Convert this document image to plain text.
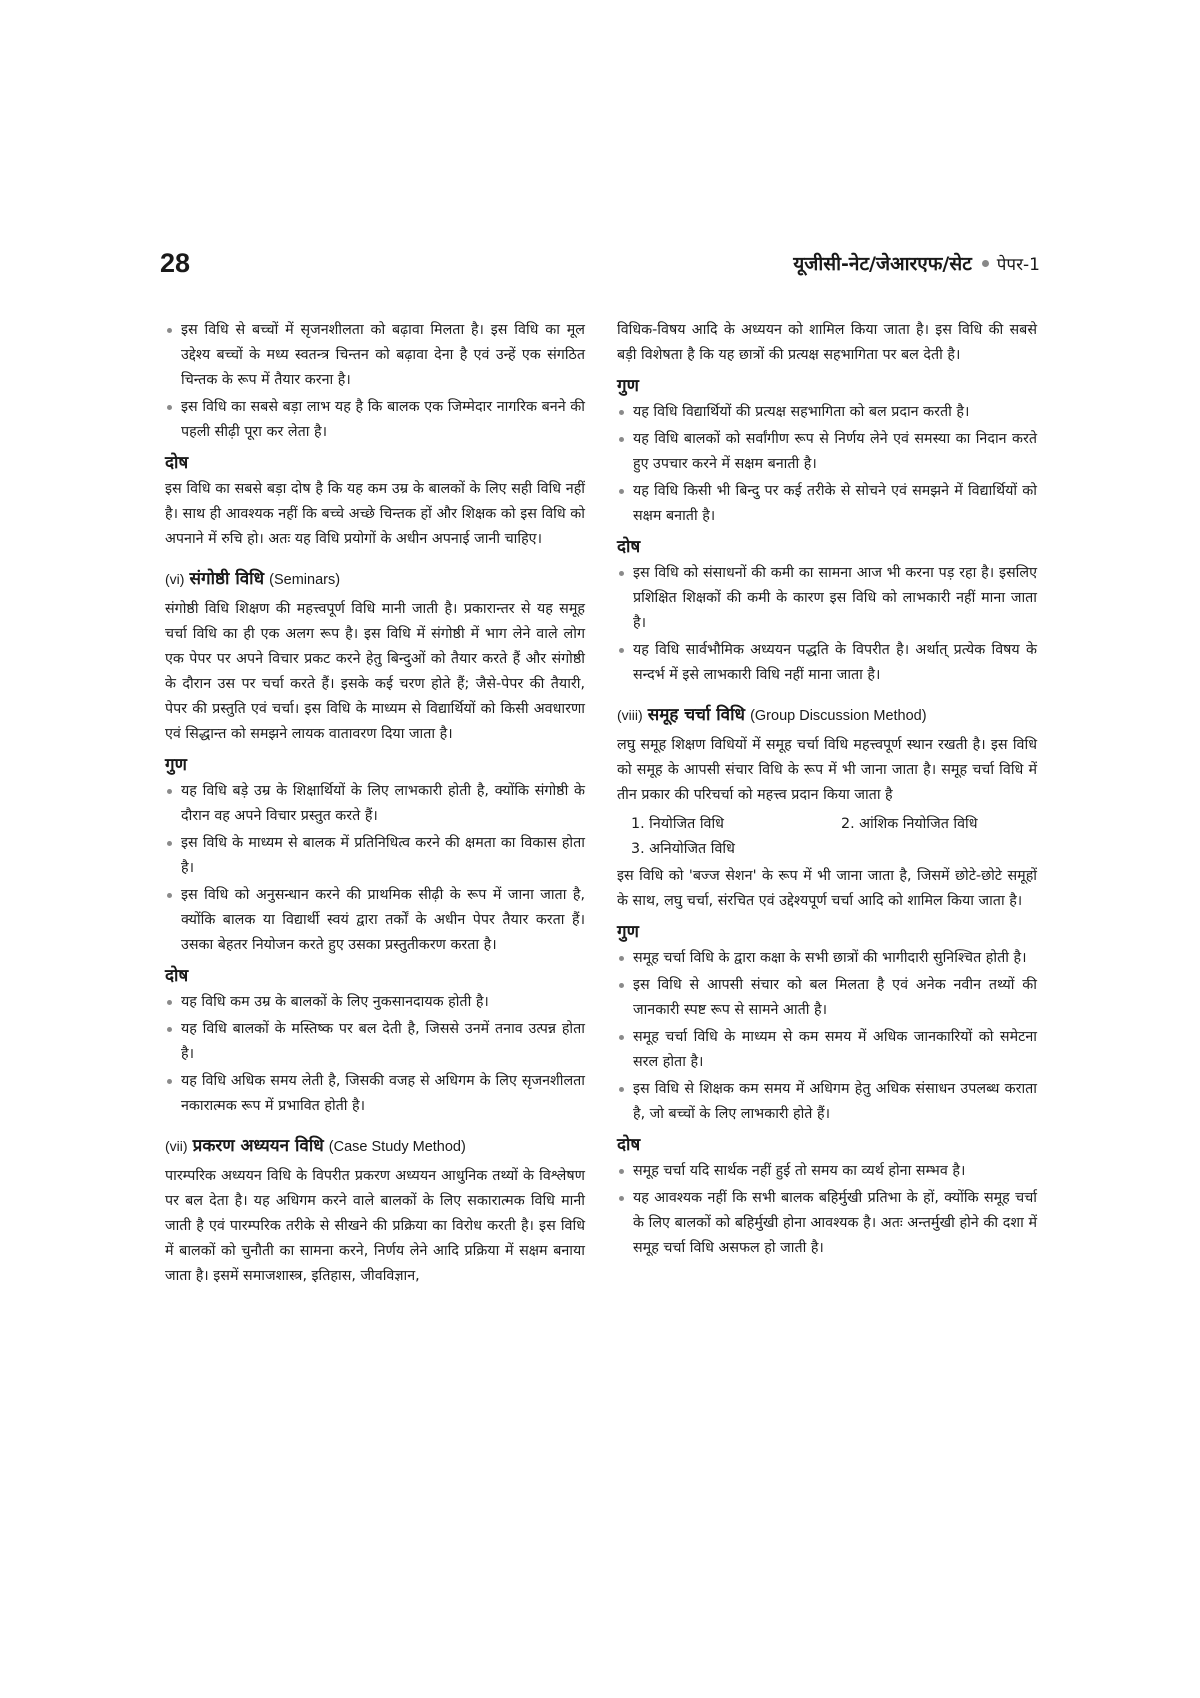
28	यूजीसी-नेट/जेआरएफ/सेट पेपर-1
इस विधि से बच्चों में सृजनशीलता को बढ़ावा मिलता है। इस विधि का मूल उद्देश्य बच्चों के मध्य स्वतन्त्र चिन्तन को बढ़ावा देना है एवं उन्हें एक संगठित चिन्तक के रूप में तैयार करना है।
इस विधि का सबसे बड़ा लाभ यह है कि बालक एक जिम्मेदार नागरिक बनने की पहली सीढ़ी पूरा कर लेता है।
दोष

इस विधि का सबसे बड़ा दोष है कि यह कम उम्र के बालकों के लिए सही विधि नहीं है। साथ ही आवश्यक नहीं कि बच्चे अच्छे चिन्तक हों और शिक्षक को इस विधि को अपनाने में रुचि हो। अतः यह विधि प्रयोगों के अधीन अपनाई जानी चाहिए।

(vi) संगोष्ठी विधि (Seminars)

संगोष्ठी विधि शिक्षण की महत्त्वपूर्ण विधि मानी जाती है। प्रकारान्तर से यह समूह चर्चा विधि का ही एक अलग रूप है। इस विधि में संगोष्ठी में भाग लेने वाले लोग एक पेपर पर अपने विचार प्रकट करने हेतु बिन्दुओं को तैयार करते हैं और संगोष्ठी के दौरान उस पर चर्चा करते हैं। इसके कई चरण होते हैं; जैसे-पेपर की तैयारी, पेपर की प्रस्तुति एवं चर्चा। इस विधि के माध्यम से विद्यार्थियों को किसी अवधारणा एवं सिद्धान्त को समझने लायक वातावरण दिया जाता है।

गुण
यह विधि बड़े उम्र के शिक्षार्थियों के लिए लाभकारी होती है, क्योंकि संगोष्ठी के दौरान वह अपने विचार प्रस्तुत करते हैं।
इस विधि के माध्यम से बालक में प्रतिनिधित्व करने की क्षमता का विकास होता है।
इस विधि को अनुसन्धान करने की प्राथमिक सीढ़ी के रूप में जाना जाता है, क्योंकि बालक या विद्यार्थी स्वयं द्वारा तर्कों के अधीन पेपर तैयार करता हैं। उसका बेहतर नियोजन करते हुए उसका प्रस्तुतीकरण करता है।
दोष
यह विधि कम उम्र के बालकों के लिए नुकसानदायक होती है।
यह विधि बालकों के मस्तिष्क पर बल देती है, जिससे उनमें तनाव उत्पन्न होता है।
यह विधि अधिक समय लेती है, जिसकी वजह से अधिगम के लिए सृजनशीलता नकारात्मक रूप में प्रभावित होती है।
(vii) प्रकरण अध्ययन विधि (Case Study Method)

पारम्परिक अध्ययन विधि के विपरीत प्रकरण अध्ययन आधुनिक तथ्यों के विश्लेषण पर बल देता है। यह अधिगम करने वाले बालकों के लिए सकारात्मक विधि मानी जाती है एवं पारम्परिक तरीके से सीखने की प्रक्रिया का विरोध करती है। इस विधि में बालकों को चुनौती का सामना करने, निर्णय लेने आदि प्रक्रिया में सक्षम बनाया जाता है। इसमें समाजशास्त्र, इतिहास, जीवविज्ञान,

विधिक-विषय आदि के अध्ययन को शामिल किया जाता है। इस विधि की सबसे बड़ी विशेषता है कि यह छात्रों की प्रत्यक्ष सहभागिता पर बल देती है।

गुण
यह विधि विद्यार्थियों की प्रत्यक्ष सहभागिता को बल प्रदान करती है।
यह विधि बालकों को सर्वांगीण रूप से निर्णय लेने एवं समस्या का निदान करते हुए उपचार करने में सक्षम बनाती है।
यह विधि किसी भी बिन्दु पर कई तरीके से सोचने एवं समझने में विद्यार्थियों को सक्षम बनाती है।
दोष
इस विधि को संसाधनों की कमी का सामना आज भी करना पड़ रहा है। इसलिए प्रशिक्षित शिक्षकों की कमी के कारण इस विधि को लाभकारी नहीं माना जाता है।
यह विधि सार्वभौमिक अध्ययन पद्धति के विपरीत है। अर्थात् प्रत्येक विषय के सन्दर्भ में इसे लाभकारी विधि नहीं माना जाता है।
(viii) समूह चर्चा विधि (Group Discussion Method)

लघु समूह शिक्षण विधियों में समूह चर्चा विधि महत्त्वपूर्ण स्थान रखती है। इस विधि को समूह के आपसी संचार विधि के रूप में भी जाना जाता है। समूह चर्चा विधि में तीन प्रकार की परिचर्चा को महत्त्व प्रदान किया जाता है

1. नियोजित विधि	2. आंशिक नियोजित विधि
3. अनियोजित विधि

इस विधि को 'बज्ज सेशन' के रूप में भी जाना जाता है, जिसमें छोटे-छोटे समूहों के साथ, लघु चर्चा, संरचित एवं उद्देश्यपूर्ण चर्चा आदि को शामिल किया जाता है।

गुण
समूह चर्चा विधि के द्वारा कक्षा के सभी छात्रों की भागीदारी सुनिश्चित होती है।
इस विधि से आपसी संचार को बल मिलता है एवं अनेक नवीन तथ्यों की जानकारी स्पष्ट रूप से सामने आती है।
समूह चर्चा विधि के माध्यम से कम समय में अधिक जानकारियों को समेटना सरल होता है।
इस विधि से शिक्षक कम समय में अधिगम हेतु अधिक संसाधन उपलब्ध कराता है, जो बच्चों के लिए लाभकारी होते हैं।
दोष
समूह चर्चा यदि सार्थक नहीं हुई तो समय का व्यर्थ होना सम्भव है।
यह आवश्यक नहीं कि सभी बालक बहिर्मुखी प्रतिभा के हों, क्योंकि समूह चर्चा के लिए बालकों को बहिर्मुखी होना आवश्यक है। अतः अन्तर्मुखी होने की दशा में समूह चर्चा विधि असफल हो जाती है।
